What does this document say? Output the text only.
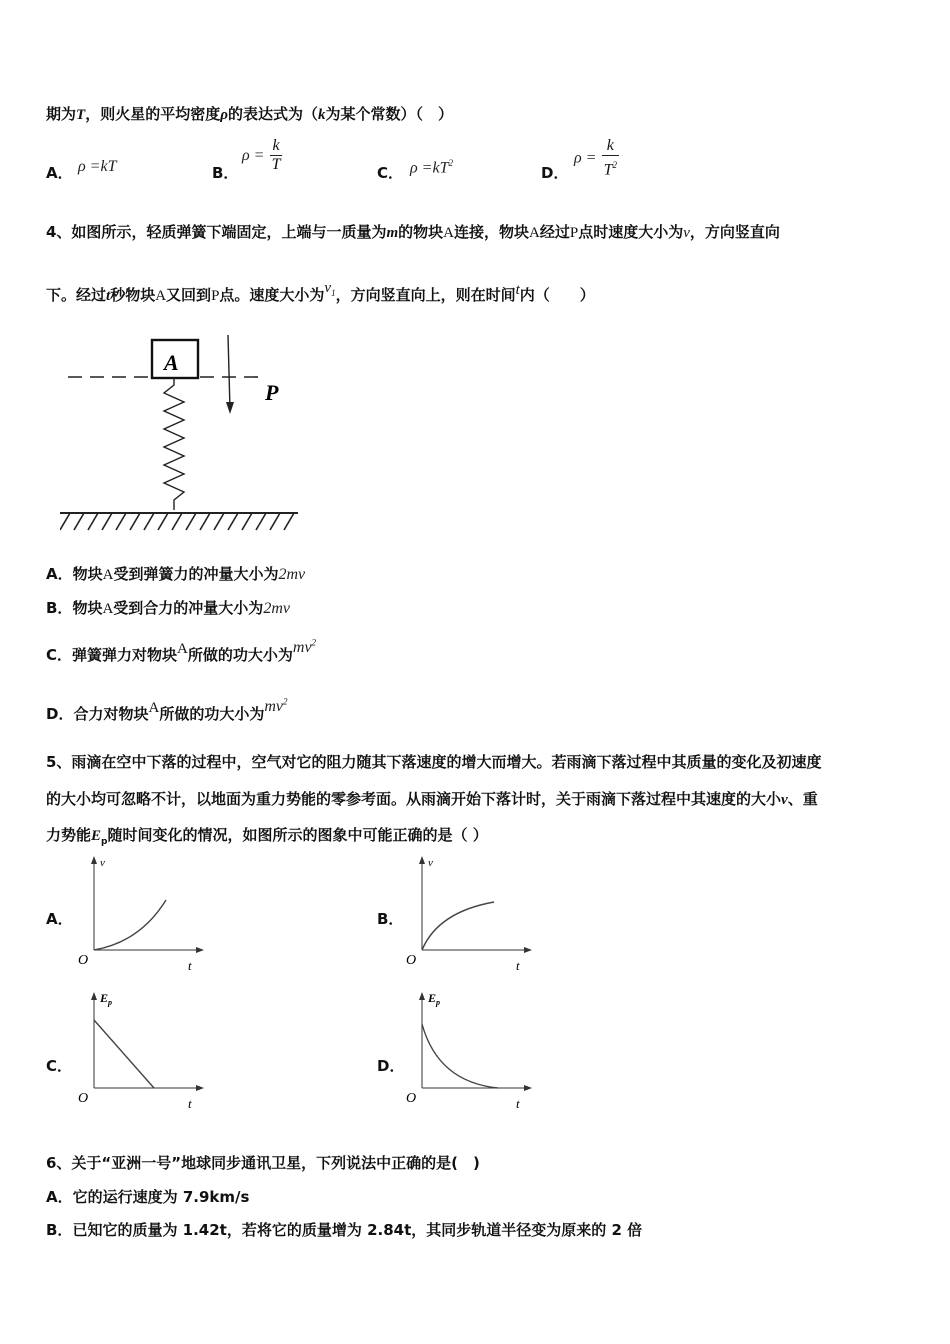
期为T，则火星的平均密度ρ的表达式为（k为某个常数）（　）
A． ρ =kT	B．
$\rho = \frac{k}{T}$	C． $\rho =kT^2$
D．
$\rho = \frac{k}{T^2}$
4、如图所示，轻质弹簧下端固定，上端与一质量为m的物块A连接，物块A经过P点时速度大小为v，方向竖直向
下。经过t秒物块A又回到P点。速度大小为$v_1$，方向竖直向上，则在时间t内（　　）
A
P
A．物块A受到弹簧力的冲量大小为2mv
B．物块A受到合力的冲量大小为2mv
C．弹簧弹力对物块A所做的功大小为$mv^2$
D．合力对物块A所做的功大小为$mv^2$
5、雨滴在空中下落的过程中，空气对它的阻力随其下落速度的增大而增大。若雨滴下落过程中其质量的变化及初速度
的大小均可忽略不计，以地面为重力势能的零参考面。从雨滴开始下落计时，关于雨滴下落过程中其速度的大小v、重
力势能$E_p$随时间变化的情况，如图所示的图象中可能正确的是（ ）
A．
v
O	t
B．
v
O	t
C．
$E_p$
O	t
D．
$E_p$
O	t
6、关于“亚洲一号”地球同步通讯卫星，下列说法中正确的是(　)
A．它的运行速度为 7.9km/s
B．已知它的质量为 1.42t，若将它的质量增为 2.84t，其同步轨道半径变为原来的 2 倍
